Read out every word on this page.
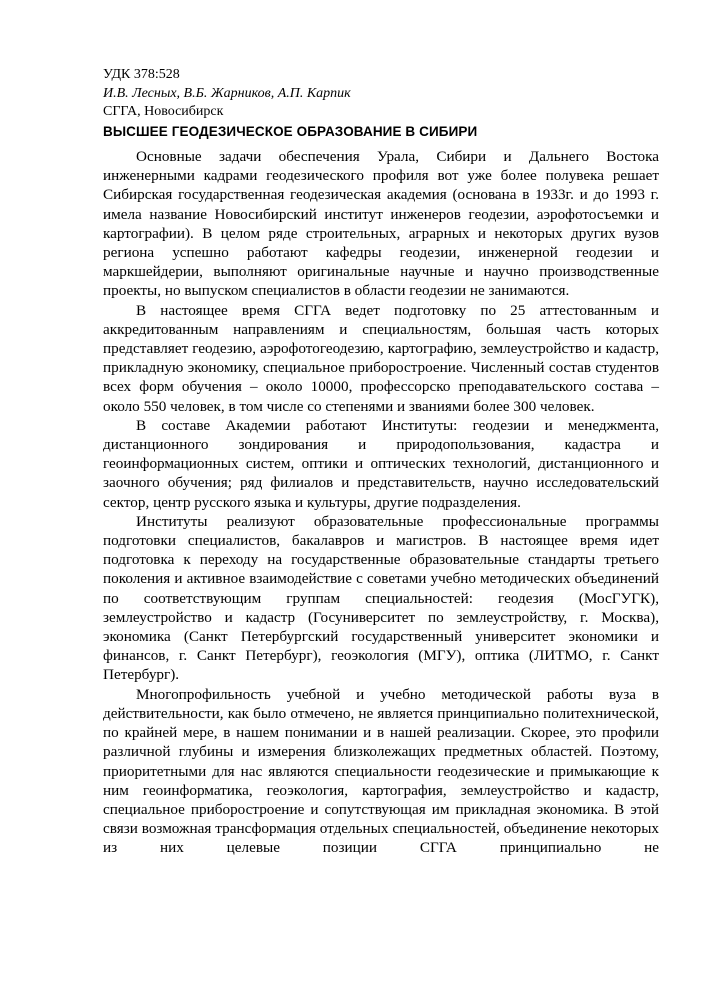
УДК 378:528
И.В. Лесных, В.Б. Жарников, А.П. Карпик
СГГА, Новосибирск
ВЫСШЕЕ ГЕОДЕЗИЧЕСКОЕ ОБРАЗОВАНИЕ В СИБИРИ

Основные задачи обеспечения Урала, Сибири и Дальнего Востока инженерными кадрами геодезического профиля вот уже более полувека решает Сибирская государственная геодезическая академия (основана в 1933г. и до 1993 г. имела название Новосибирский институт инженеров геодезии, аэрофотосъемки и картографии). В целом ряде строительных, аграрных и некоторых других вузов региона успешно работают кафедры геодезии, инженерной геодезии и маркшейдерии, выполняют оригинальные научные и научно производственные проекты, но выпуском специалистов в области геодезии не занимаются.

В настоящее время СГГА ведет подготовку по 25 аттестованным и аккредитованным направлениям и специальностям, большая часть которых представляет геодезию, аэрофотогеодезию, картографию, землеустройство и кадастр, прикладную экономику, специальное приборостроение. Численный состав студентов всех форм обучения – около 10000, профессорско преподавательского состава – около 550 человек, в том числе со степенями и званиями более 300 человек.

В составе Академии работают Институты: геодезии и менеджмента, дистанционного зондирования и природопользования, кадастра и геоинформационных систем, оптики и оптических технологий, дистанционного и заочного обучения; ряд филиалов и представительств, научно исследовательский сектор, центр русского языка и культуры, другие подразделения.

Институты реализуют образовательные профессиональные программы подготовки специалистов, бакалавров и магистров. В настоящее время идет подготовка к переходу на государственные образовательные стандарты третьего поколения и активное взаимодействие с советами учебно методических объединений по соответствующим группам специальностей: геодезия (МосГУГК), землеустройство и кадастр (Госуниверситет по землеустройству, г. Москва), экономика (Санкт Петербургский государственный университет экономики и финансов, г. Санкт Петербург), геоэкология (МГУ), оптика (ЛИТМО, г. Санкт Петербург).

Многопрофильность учебной и учебно методической работы вуза в действительности, как было отмечено, не является принципиально политехнической, по крайней мере, в нашем понимании и в нашей реализации. Скорее, это профили различной глубины и измерения близколежащих предметных областей. Поэтому, приоритетными для нас являются специальности геодезические и примыкающие к ним геоинформатика, геоэкология, картография, землеустройство и кадастр, специальное приборостроение и сопутствующая им прикладная экономика. В этой связи возможная трансформация отдельных специальностей, объединение некоторых из них целевые позиции СГГА принципиально не
